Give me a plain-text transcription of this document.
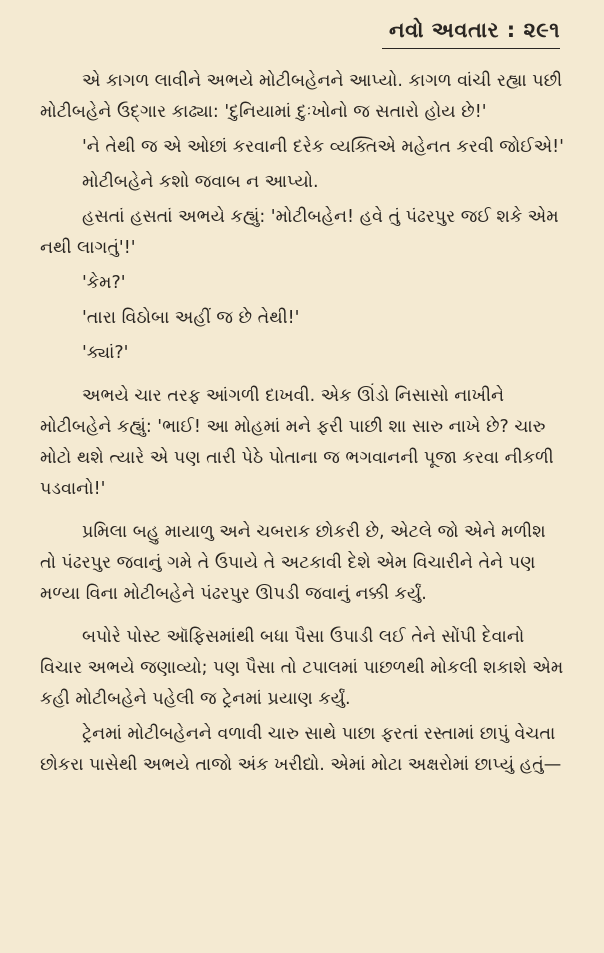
નવો અવતાર : ૨૯૧

એ કાગળ લાવીને અભયે મોટીબહેનને આપ્યો. કાગળ વાંચી રહ્યા પછી મોટીબહેને ઉદ્‌ગાર કાઢ્યા: 'દુનિયામાં દુઃખોનો જ સતારો હોય છે!'

'ને તેથી જ એ ઓછાં કરવાની દરેક વ્યક્તિએ મહેનત કરવી જોઈએ!'

મોટીબહેને કશો જવાબ ન આપ્યો.

હસતાં હસતાં અભયે કહ્યું: 'મોટીબહેન! હવે તું પંઢરપુર જઈ શકે એમ નથી લાગતું'!'

'કેમ?'

'તારા વિઠોબા અહીં જ છે તેથી!'

'ક્યાં?'

અભયે ચાર તરફ આંગળી દાખવી. એક ઊંડો નિસાસો નાખીને મોટીબહેને કહ્યું: 'ભાઈ! આ મોહમાં મને ફરી પાછી શા સારુ નાખે છે? ચારુ મોટો થશે ત્યારે એ પણ તારી પેઠે પોતાના જ ભગવાનની પૂજા કરવા નીકળી પડવાનો!'

પ્રમિલા બહુ માયાળુ અને ચબરાક છોકરી છે, એટલે જો એને મળીશ તો પંઢરપુર જવાનું ગમે તે ઉપાયે તે અટકાવી દેશે એમ વિચારીને તેને પણ મળ્યા વિના મોટીબહેને પંઢરપુર ઊપડી જવાનું નક્કી કર્યું.

બપોરે પોસ્ટ ઑફિસમાંથી બધા પૈસા ઉપાડી લઈ તેને સોંપી દેવાનો વિચાર અભયે જણાવ્યો; પણ પૈસા તો ટપાલમાં પાછળથી મોકલી શકાશે એમ કહી મોટીબહેને પહેલી જ ટ્રેનમાં પ્રયાણ કર્યું.

ટ્રેનમાં મોટીબહેનને વળાવી ચારુ સાથે પાછા ફરતાં રસ્તામાં છાપું વેચતા છોકરા પાસેથી અભયે તાજો અંક ખરીદ્યો. એમાં મોટા અક્ષરોમાં છાપ્યું હતું—
